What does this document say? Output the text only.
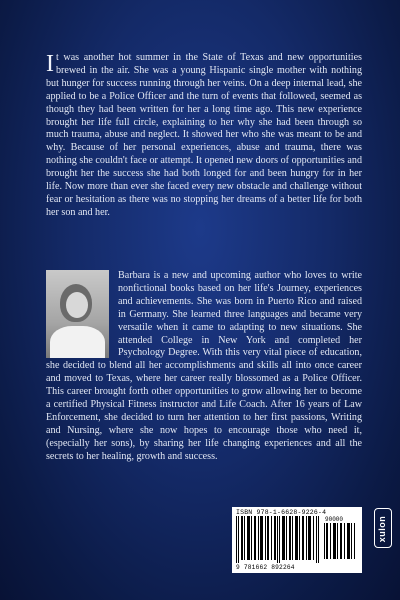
It was another hot summer in the State of Texas and new opportunities brewed in the air. She was a young Hispanic single mother with nothing but hunger for success running through her veins. On a deep internal lead, she applied to be a Police Officer and the turn of events that followed, seemed as though they had been written for her a long time ago. This new experience brought her life full circle, explaining to her why she had been through so much trauma, abuse and neglect. It showed her who she was meant to be and why. Because of her personal experiences, abuse and trauma, there was nothing she couldn't face or attempt. It opened new doors of opportunities and brought her the success she had both longed for and been hungry for in her life. Now more than ever she faced every new obstacle and challenge without fear or hesitation as there was no stopping her dreams of a better life for both her son and her.

Barbara is a new and upcoming author who loves to write nonfictional books based on her life's Journey, experiences and achievements. She was born in Puerto Rico and raised in Germany. She learned three languages and became very versatile when it came to adapting to new situations. She attended College in New York and completed her Psychology Degree. With this very vital piece of education, she decided to blend all her accomplishments and skills all into once career and moved to Texas, where her career really blossomed as a Police Officer. This career brought forth other opportunities to grow allowing her to become a certified Physical Fitness instructor and Life Coach. After 16 years of Law Enforcement, she decided to turn her attention to her first passions, Writing and Nursing, where she now hopes to encourage those who need it, (especially her sons), by sharing her life changing experiences and all the secrets to her healing, growth and success.

ISBN 978-1-6628-9226-4
90000
9 781662 892264
xulon
